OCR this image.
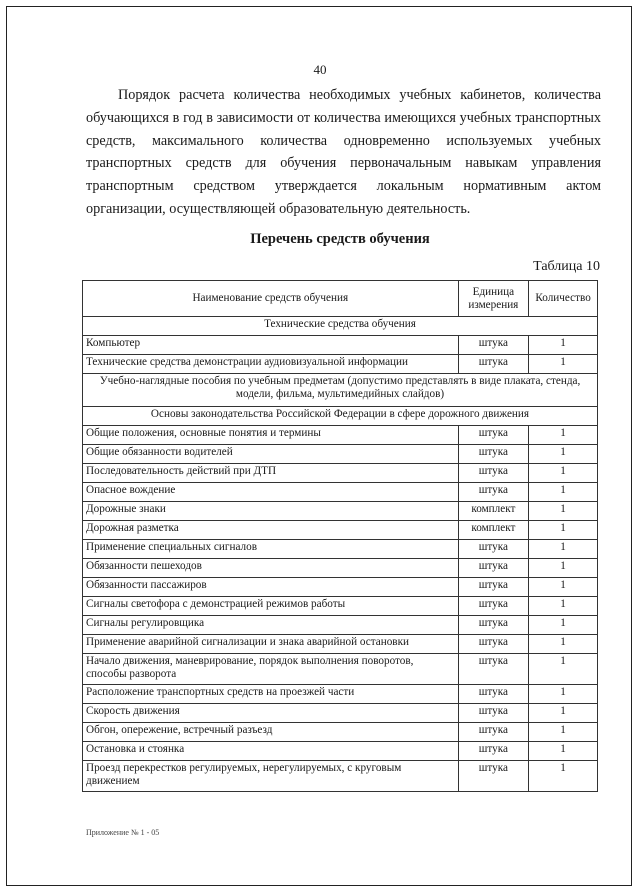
40

Порядок расчета количества необходимых учебных кабинетов, количества обучающихся в год в зависимости от количества имеющихся учебных транспортных средств, максимального количества одновременно используемых учебных транспортных средств для обучения первоначальным навыкам управления транспортным средством утверждается локальным нормативным актом организации, осуществляющей образовательную деятельность.

Перечень средств обучения
Таблица 10
Наименование средств обучения	Единица измерения	Количество
Технические средства обучения		
Компьютер	штука	1
Технические средства демонстрации аудиовизуальной информации	штука	1
Учебно-наглядные пособия по учебным предметам (допустимо представлять в виде плаката, стенда, модели, фильма, мультимедийных слайдов)		
Основы законодательства Российской Федерации в сфере дорожного движения		
Общие положения, основные понятия и термины	штука	1
Общие обязанности водителей	штука	1
Последовательность действий при ДТП	штука	1
Опасное вождение	штука	1
Дорожные знаки	комплект	1
Дорожная разметка	комплект	1
Применение специальных сигналов	штука	1
Обязанности пешеходов	штука	1
Обязанности пассажиров	штука	1
Сигналы светофора с демонстрацией режимов работы	штука	1
Сигналы регулировщика	штука	1
Применение аварийной сигнализации и знака аварийной остановки	штука	1
Начало движения, маневрирование, порядок выполнения поворотов, способы разворота	штука	1
Расположение транспортных средств на проезжей части	штука	1
Скорость движения	штука	1
Обгон, опережение, встречный разъезд	штука	1
Остановка и стоянка	штука	1
Проезд перекрестков регулируемых, нерегулируемых, с круговым движением	штука	1
Приложение № 1 - 05
